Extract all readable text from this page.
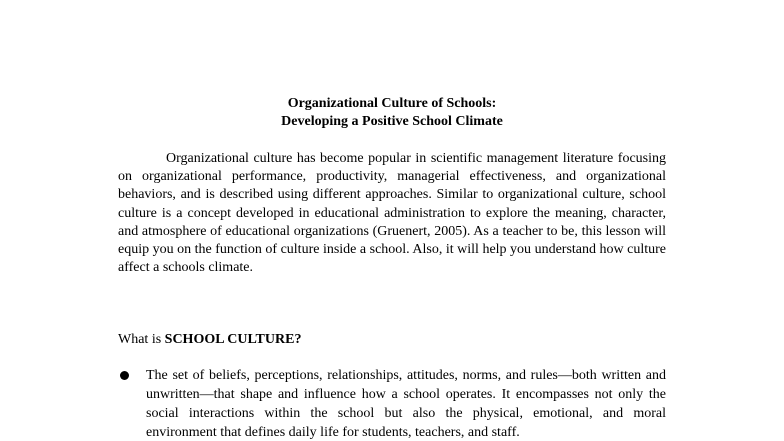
Organizational Culture of Schools:
Developing a Positive School Climate

Organizational culture has become popular in scientific management literature focusing on organizational performance, productivity, managerial effectiveness, and organizational behaviors, and is described using different approaches. Similar to organizational culture, school culture is a concept developed in educational administration to explore the meaning, character, and atmosphere of educational organizations (Gruenert, 2005). As a teacher to be, this lesson will equip you on the function of culture inside a school. Also, it will help you understand how culture affect a schools climate.

What is SCHOOL CULTURE?
The set of beliefs, perceptions, relationships, attitudes, norms, and rules—both written and unwritten—that shape and influence how a school operates. It encompasses not only the social interactions within the school but also the physical, emotional, and moral environment that defines daily life for students, teachers, and staff.
